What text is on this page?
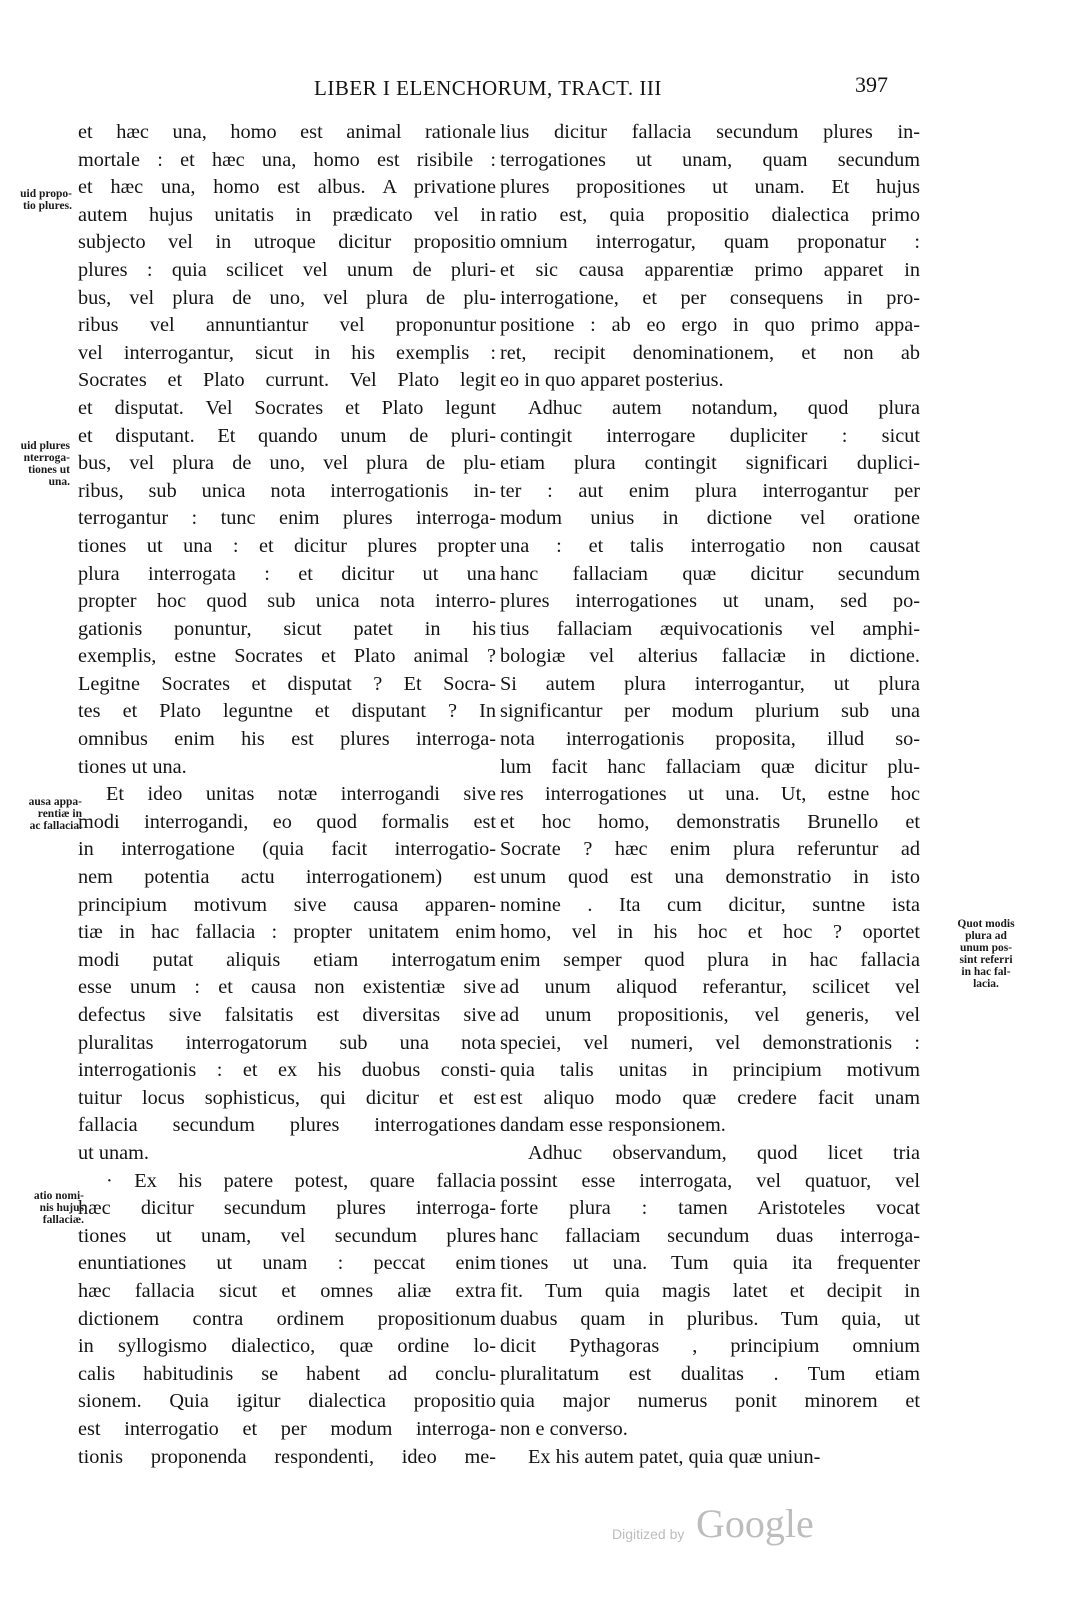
LIBER I ELENCHORUM, TRACT. III	397
uid propo-
tio plures.
uid plures
nterroga-
tiones ut
una.
ausa appa-
rentiæ in
ac fallacia.
atio nomi-
nis hujus
fallaciæ.
Quot modis
plura ad
unum pos-
sint referri
in hac fal-
lacia.
et hæc una, homo est animal rationale
mortale : et hæc una, homo est risibile :
et hæc una, homo est albus. A privatione
autem hujus unitatis in prædicato vel in
subjecto vel in utroque dicitur propositio
plures : quia scilicet vel unum de pluri-
bus, vel plura de uno, vel plura de plu-
ribus vel annuntiantur vel proponuntur
vel interrogantur, sicut in his exemplis :
Socrates et Plato currunt. Vel Plato legit
et disputat. Vel Socrates et Plato legunt
et disputant. Et quando unum de pluri-
bus, vel plura de uno, vel plura de plu-
ribus, sub unica nota interrogationis in-
terrogantur : tunc enim plures interroga-
tiones ut una : et dicitur plures propter
plura interrogata : et dicitur ut una
propter hoc quod sub unica nota interro-
gationis ponuntur, sicut patet in his
exemplis, estne Socrates et Plato animal ?
Legitne Socrates et disputat ? Et Socra-
tes et Plato leguntne et disputant ? In
omnibus enim his est plures interroga-
tiones ut una.
Et ideo unitas notæ interrogandi sive
modi interrogandi, eo quod formalis est
in interrogatione (quia facit interrogatio-
nem potentia actu interrogationem) est
principium motivum sive causa apparen-
tiæ in hac fallacia : propter unitatem enim
modi putat aliquis etiam interrogatum
esse unum : et causa non existentiæ sive
defectus sive falsitatis est diversitas sive
pluralitas interrogatorum sub una nota
interrogationis : et ex his duobus consti-
tuitur locus sophisticus, qui dicitur et est
fallacia secundum plures interrogationes
ut unam.
· Ex his patere potest, quare fallacia
hæc dicitur secundum plures interroga-
tiones ut unam, vel secundum plures
enuntiationes ut unam : peccat enim
hæc fallacia sicut et omnes aliæ extra
dictionem contra ordinem propositionum
in syllogismo dialectico, quæ ordine lo-
calis habitudinis se habent ad conclu-
sionem. Quia igitur dialectica propositio
est interrogatio et per modum interroga-
tionis proponenda respondenti, ideo me-
lius dicitur fallacia secundum plures in-
terrogationes ut unam, quam secundum
plures propositiones ut unam. Et hujus
ratio est, quia propositio dialectica primo
omnium interrogatur, quam proponatur :
et sic causa apparentiæ primo apparet in
interrogatione, et per consequens in pro-
positione : ab eo ergo in quo primo appa-
ret, recipit denominationem, et non ab
eo in quo apparet posterius.
Adhuc autem notandum, quod plura
contingit interrogare dupliciter : sicut
etiam plura contingit significari duplici-
ter : aut enim plura interrogantur per
modum unius in dictione vel oratione
una : et talis interrogatio non causat
hanc fallaciam quæ dicitur secundum
plures interrogationes ut unam, sed po-
tius fallaciam æquivocationis vel amphi-
bologiæ vel alterius fallaciæ in dictione.
Si autem plura interrogantur, ut plura
significantur per modum plurium sub una
nota interrogationis proposita, illud so-
lum facit hanc fallaciam quæ dicitur plu-
res interrogationes ut una. Ut, estne hoc
et hoc homo, demonstratis Brunello et
Socrate ? hæc enim plura referuntur ad
unum quod est una demonstratio in isto
nomine . Ita cum dicitur, suntne ista
homo, vel in his hoc et hoc ? oportet
enim semper quod plura in hac fallacia
ad unum aliquod referantur, scilicet vel
ad unum propositionis, vel generis, vel
speciei, vel numeri, vel demonstrationis :
quia talis unitas in principium motivum
est aliquo modo quæ credere facit unam
dandam esse responsionem.
Adhuc observandum, quod licet tria
possint esse interrogata, vel quatuor, vel
forte plura : tamen Aristoteles vocat
hanc fallaciam secundum duas interroga-
tiones ut una. Tum quia ita frequenter
fit. Tum quia magis latet et decipit in
duabus quam in pluribus. Tum quia, ut
dicit Pythagoras , principium omnium
pluralitatum est dualitas . Tum etiam
quia major numerus ponit minorem et
non e converso.
Ex his autem patet, quia quæ uniun-
Digitized by Google
